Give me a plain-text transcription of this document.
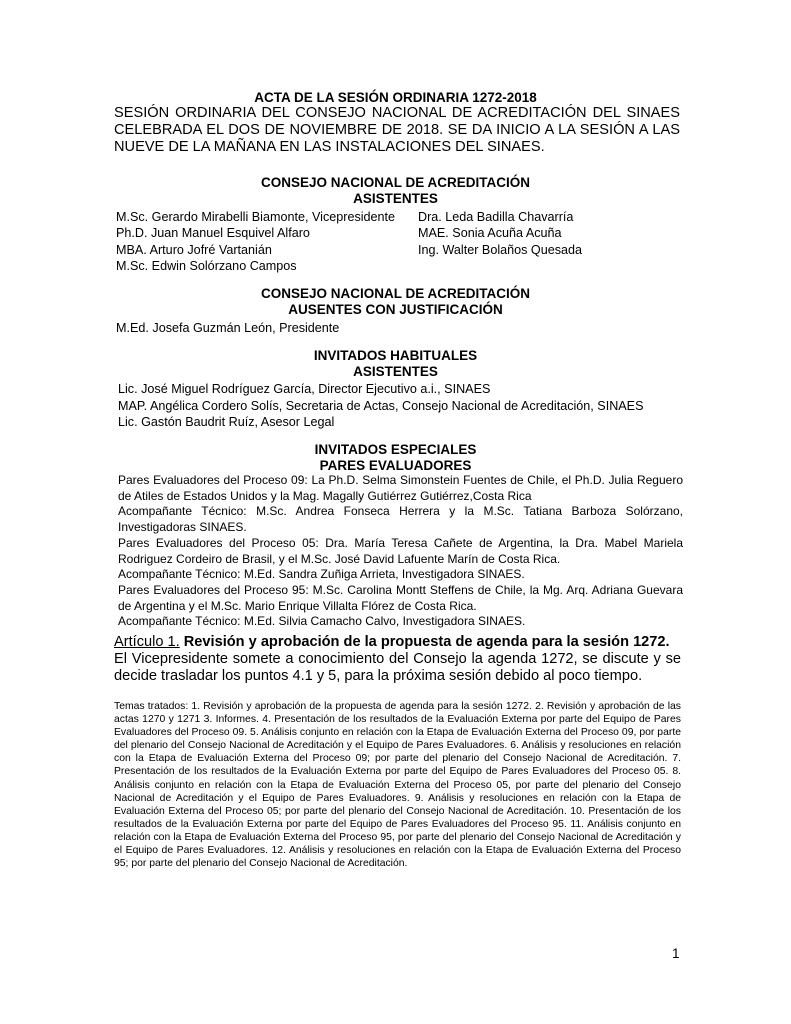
ACTA DE LA SESIÓN ORDINARIA 1272-2018
SESIÓN ORDINARIA DEL CONSEJO NACIONAL DE ACREDITACIÓN DEL SINAES CELEBRADA EL DOS DE NOVIEMBRE DE 2018. SE DA INICIO A LA SESIÓN A LAS NUEVE DE LA MAÑANA EN LAS INSTALACIONES DEL SINAES.
CONSEJO NACIONAL DE ACREDITACIÓN
ASISTENTES
M.Sc. Gerardo Mirabelli Biamonte, Vicepresidente
Ph.D. Juan Manuel Esquivel Alfaro
MBA. Arturo Jofré Vartanián
M.Sc. Edwin Solórzano Campos
Dra. Leda Badilla Chavarría
MAE. Sonia Acuña Acuña
Ing. Walter Bolaños Quesada
CONSEJO NACIONAL DE ACREDITACIÓN
AUSENTES CON JUSTIFICACIÓN
M.Ed. Josefa Guzmán León, Presidente
INVITADOS HABITUALES
ASISTENTES
Lic. José Miguel Rodríguez García, Director Ejecutivo a.i., SINAES
MAP. Angélica Cordero Solís, Secretaria de Actas, Consejo Nacional de Acreditación, SINAES
Lic. Gastón Baudrit Ruíz, Asesor Legal
INVITADOS ESPECIALES
PARES EVALUADORES
Pares Evaluadores del Proceso 09: La Ph.D. Selma Simonstein Fuentes de Chile, el Ph.D. Julia Reguero de Atiles de Estados Unidos y la Mag. Magally Gutiérrez Gutiérrez,Costa Rica
Acompañante Técnico: M.Sc. Andrea Fonseca Herrera y la M.Sc. Tatiana Barboza Solórzano, Investigadoras SINAES.
Pares Evaluadores del Proceso 05: Dra. María Teresa Cañete de Argentina, la Dra. Mabel Mariela Rodriguez Cordeiro de Brasil, y el M.Sc. José David Lafuente Marín de Costa Rica.
Acompañante Técnico: M.Ed. Sandra Zuñiga Arrieta, Investigadora SINAES.
Pares Evaluadores del Proceso 95: M.Sc. Carolina Montt Steffens de Chile, la Mg. Arq. Adriana Guevara de Argentina y el M.Sc. Mario Enrique Villalta Flórez de Costa Rica.
Acompañante Técnico: M.Ed. Silvia Camacho Calvo, Investigadora SINAES.
Artículo 1. Revisión y aprobación de la propuesta de agenda para la sesión 1272.
El Vicepresidente somete a conocimiento del Consejo la agenda 1272, se discute y se decide trasladar los puntos 4.1 y 5, para la próxima sesión debido al poco tiempo.
Temas tratados: 1. Revisión y aprobación de la propuesta de agenda para la sesión 1272. 2. Revisión y aprobación de las actas 1270 y 1271 3. Informes. 4. Presentación de los resultados de la Evaluación Externa por parte del Equipo de Pares Evaluadores del Proceso 09. 5. Análisis conjunto en relación con la Etapa de Evaluación Externa del Proceso 09, por parte del plenario del Consejo Nacional de Acreditación y el Equipo de Pares Evaluadores. 6. Análisis y resoluciones en relación con la Etapa de Evaluación Externa del Proceso 09; por parte del plenario del Consejo Nacional de Acreditación. 7. Presentación de los resultados de la Evaluación Externa por parte del Equipo de Pares Evaluadores del Proceso 05. 8. Análisis conjunto en relación con la Etapa de Evaluación Externa del Proceso 05, por parte del plenario del Consejo Nacional de Acreditación y el Equipo de Pares Evaluadores. 9. Análisis y resoluciones en relación con la Etapa de Evaluación Externa del Proceso 05; por parte del plenario del Consejo Nacional de Acreditación. 10. Presentación de los resultados de la Evaluación Externa por parte del Equipo de Pares Evaluadores del Proceso 95. 11. Análisis conjunto en relación con la Etapa de Evaluación Externa del Proceso 95, por parte del plenario del Consejo Nacional de Acreditación y el Equipo de Pares Evaluadores. 12. Análisis y resoluciones en relación con la Etapa de Evaluación Externa del Proceso 95; por parte del plenario del Consejo Nacional de Acreditación.
1
